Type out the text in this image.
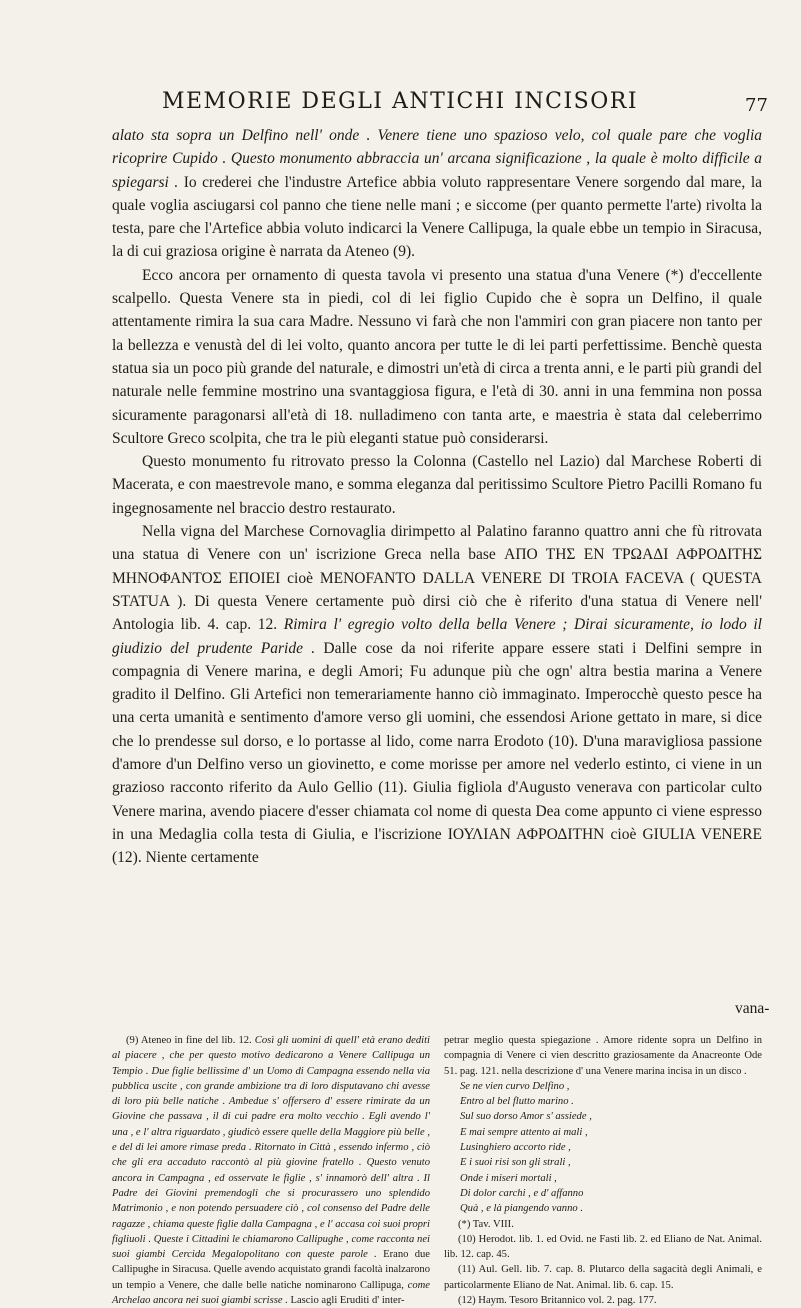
MEMORIE DEGLI ANTICHI INCISORI	77

alato sta sopra un Delfino nell' onde . Venere tiene uno spazioso velo, col quale pare che voglia ricoprire Cupido . Questo monumento abbraccia un' arcana significazione , la quale è molto difficile a spiegarsi . Io crederei che l'industre Artefice abbia voluto rappresentare Venere sorgendo dal mare, la quale voglia asciugarsi col panno che tiene nelle mani ; e siccome (per quanto permette l'arte) rivolta la testa, pare che l'Artefice abbia voluto indicarci la Venere Callipuga, la quale ebbe un tempio in Siracusa, la di cui graziosa origine è narrata da Ateneo (9).

Ecco ancora per ornamento di questa tavola vi presento una statua d'una Venere (*) d'eccellente scalpello. Questa Venere sta in piedi, col di lei figlio Cupido che è sopra un Delfino, il quale attentamente rimira la sua cara Madre. Nessuno vi farà che non l'ammiri con gran piacere non tanto per la bellezza e venustà del di lei volto, quanto ancora per tutte le di lei parti perfettissime. Benchè questa statua sia un poco più grande del naturale, e dimostri un'età di circa a trenta anni, e le parti più grandi del naturale nelle femmine mostrino una svantaggiosa figura, e l'età di 30. anni in una femmina non possa sicuramente paragonarsi all'età di 18. nulladimeno con tanta arte, e maestria è stata dal celeberrimo Scultore Greco scolpita, che tra le più eleganti statue può considerarsi.

Questo monumento fu ritrovato presso la Colonna (Castello nel Lazio) dal Marchese Roberti di Macerata, e con maestrevole mano, e somma eleganza dal peritissimo Scultore Pietro Pacilli Romano fu ingegnosamente nel braccio destro restaurato.

Nella vigna del Marchese Cornovaglia dirimpetto al Palatino faranno quattro anni che fù ritrovata una statua di Venere con un' iscrizione Greca nella base ΑΠΟ ΤΗΣ ΕΝ ΤΡΩΑΔΙ ΑΦΡΟΔΙΤΗΣ ΜΗΝΟΦΑΝΤΟΣ ΕΠΟΙΕΙ cioè MENOFANTO DALLA VENERE DI TROIA FACEVA ( QUESTA STATUA ). Di questa Venere certamente può dirsi ciò che è riferito d'una statua di Venere nell' Antologia lib. 4. cap. 12. Rimira l' egregio volto della bella Venere ; Dirai sicuramente, io lodo il giudizio del prudente Paride . Dalle cose da noi riferite appare essere stati i Delfini sempre in compagnia di Venere marina, e degli Amori; Fu adunque più che ogn' altra bestia marina a Venere gradito il Delfino. Gli Artefici non temerariamente hanno ciò immaginato. Imperocchè questo pesce ha una certa umanità e sentimento d'amore verso gli uomini, che essendosi Arione gettato in mare, si dice che lo prendesse sul dorso, e lo portasse al lido, come narra Erodoto (10). D'una maravigliosa passione d'amore d'un Delfino verso un giovinetto, e come morisse per amore nel vederlo estinto, ci viene in un grazioso racconto riferito da Aulo Gellio (11). Giulia figliola d'Augusto venerava con particolar culto Venere marina, avendo piacere d'esser chiamata col nome di questa Dea come appunto ci viene espresso in una Medaglia colla testa di Giulia, e l'iscrizione ΙΟΥΛΙΑΝ ΑΦΡΟΔΙΤΗΝ cioè GIULIA VENERE (12). Niente certamente

vana-

(9) Ateneo in fine del lib. 12. Così gli uomini di quell' età erano dediti al piacere , che per questo motivo dedicarono a Venere Callipuga un Tempio . Due figlie bellissime d' un Uomo di Campagna essendo nella via pubblica uscite , con grande ambizione tra di loro disputavano chi avesse di loro più belle natiche . Ambedue s' offersero d' essere rimirate da un Giovine che passava , il di cui padre era molto vecchio . Egli avendo l' una , e l' altra riguardato , giudicò essere quelle della Maggiore più belle , e del di lei amore rimase preda . Ritornato in Città , essendo infermo , ciò che gli era accaduto raccontò al più giovine fratello . Questo venuto ancora in Campagna , ed osservate le figlie , s' innamorò dell' altra . Il Padre dei Giovini premendogli che si procurassero uno splendido Matrimonio , e non potendo persuadere ciò , col consenso del Padre delle ragazze , chiama queste figlie dalla Campagna , e l' accasa coi suoi propri figliuoli . Queste i Cittadini le chiamarono Callipughe , come racconta nei suoi giambi Cercida Megalopolitano con queste parole . Erano due Callipughe in Siracusa. Quelle avendo acquistato grandi facoltà inalzarono un tempio a Venere, che dalle belle natiche nominarono Callipuga, come Archelao ancora nei suoi giambi scrisse . Lascio agli Eruditi d' inter-

petrar meglio questa spiegazione . Amore ridente sopra un Delfino in compagnia di Venere ci vien descritto graziosamente da Anacreonte Ode 51. pag. 121. nella descrizione d' una Venere marina incisa in un disco .

Se ne vien curvo Delfino ,

Entro al bel flutto marino .

Sul suo dorso Amor s' assiede ,

E mai sempre attento ai mali ,

Lusinghiero accorto ride ,

E i suoi risi son gli strali ,

Onde i miseri mortali ,

Di dolor carchi , e d' affanno

Quà , e là piangendo vanno .

(*) Tav. VIII.

(10) Herodot. lib. 1. ed Ovid. ne Fasti lib. 2. ed Eliano de Nat. Animal. lib. 12. cap. 45.

(11) Aul. Gell. lib. 7. cap. 8. Plutarco della sagacità degli Animali, e particolarmente Eliano de Nat. Animal. lib. 6. cap. 15.

(12) Haym. Tesoro Britannico vol. 2. pag. 177.
